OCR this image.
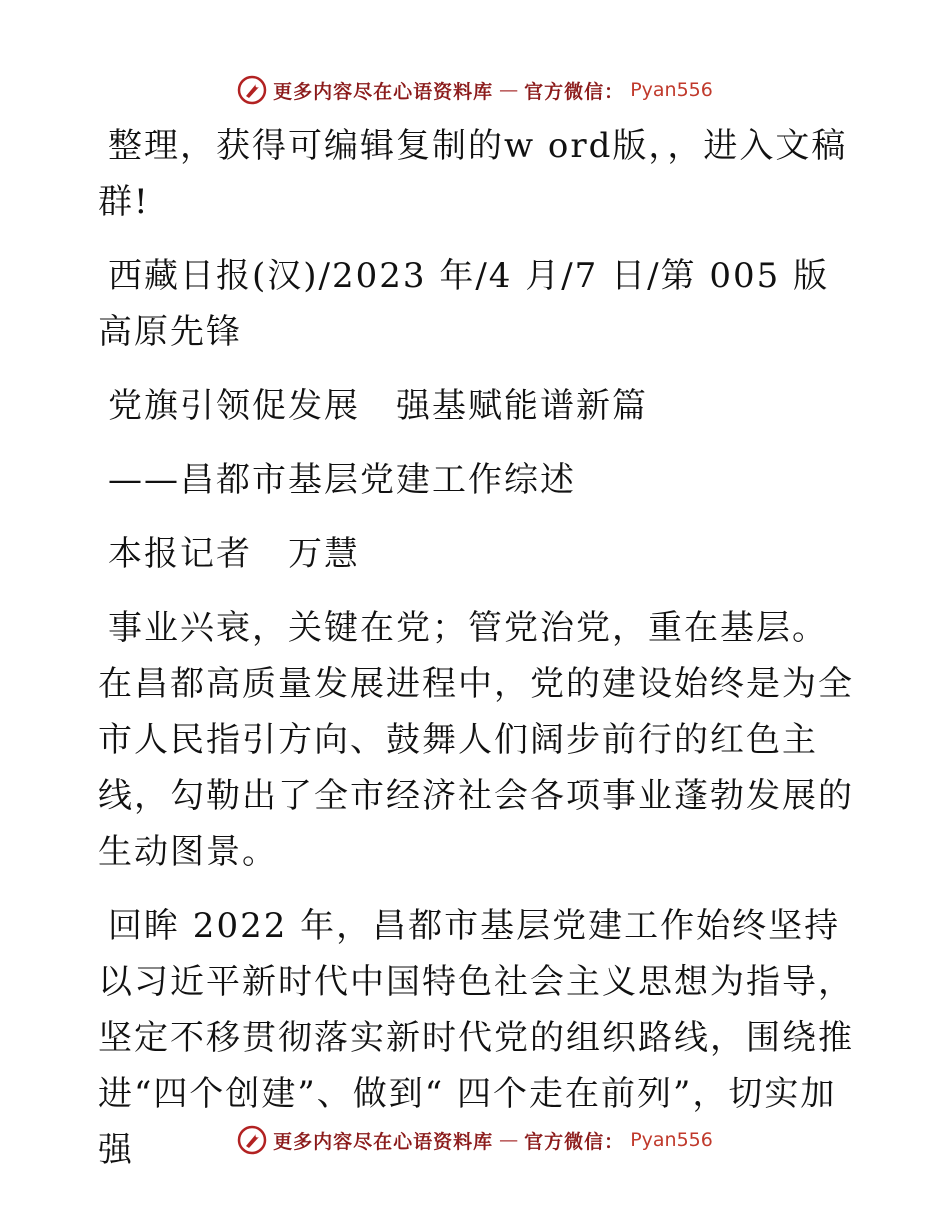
更多内容尽在心语资料库 — 官方微信： Pyan556

整理，获得可编辑复制的w ord版，，进入文稿群!

西藏日报(汉)/2023 年/4 月/7 日/第 005 版高原先锋

党旗引领促发展　强基赋能谱新篇

——昌都市基层党建工作综述

本报记者　万慧

事业兴衰，关键在党；管党治党，重在基层。在昌都高质量发展进程中，党的建设始终是为全市人民指引方向、鼓舞人们阔步前行的红色主线，勾勒出了全市经济社会各项事业蓬勃发展的生动图景。

回眸 2022 年，昌都市基层党建工作始终坚持以习近平新时代中国特色社会主义思想为指导，坚定不移贯彻落实新时代党的组织路线，围绕推进“四个创建”、做到“ 四个走在前列”，切实加强	更多内容尽在心语资料库 — 官方微信： Pyan556
